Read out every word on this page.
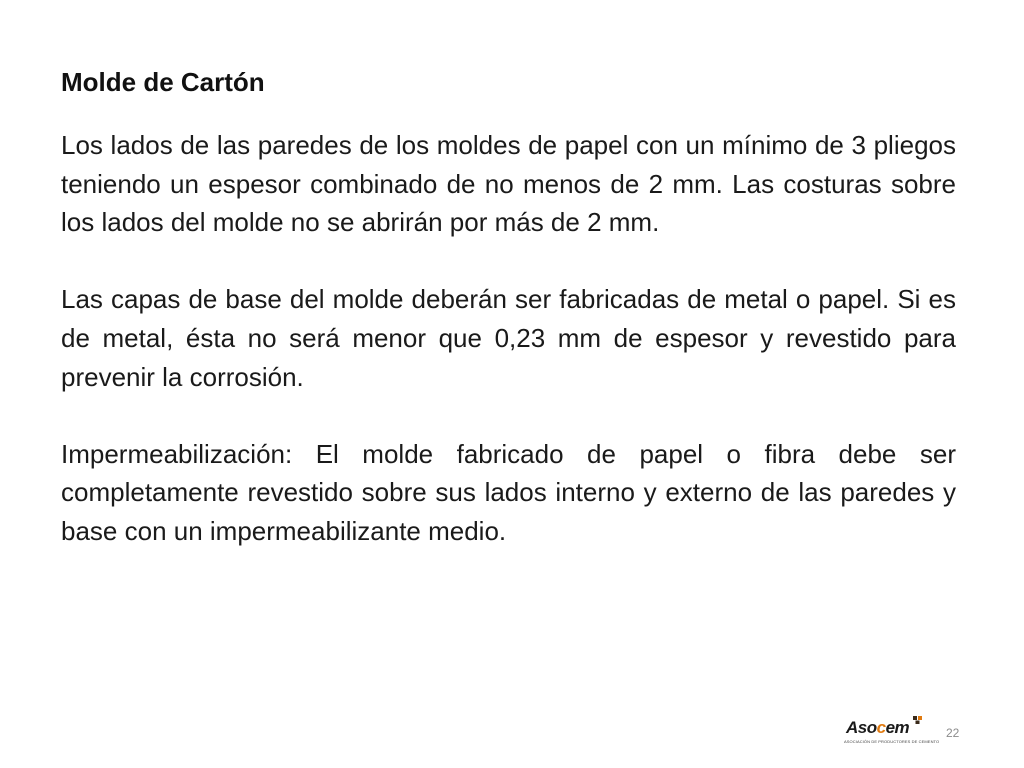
Molde de Cartón

Los lados de las paredes de los moldes de papel con un mínimo de 3 pliegos teniendo un espesor combinado de no menos de 2 mm. Las costuras sobre los lados del molde no se abrirán por más de 2 mm.

Las capas de base del molde deberán ser fabricadas de metal o papel. Si es de metal, ésta no será menor que 0,23 mm de espesor y revestido para prevenir la corrosión.

Impermeabilización: El molde fabricado de papel o fibra debe ser completamente revestido sobre sus lados interno y externo de las paredes y base con un impermeabilizante medio.

Asocem
ASOCIACIÓN DE PRODUCTORES DE CEMENTO
22
